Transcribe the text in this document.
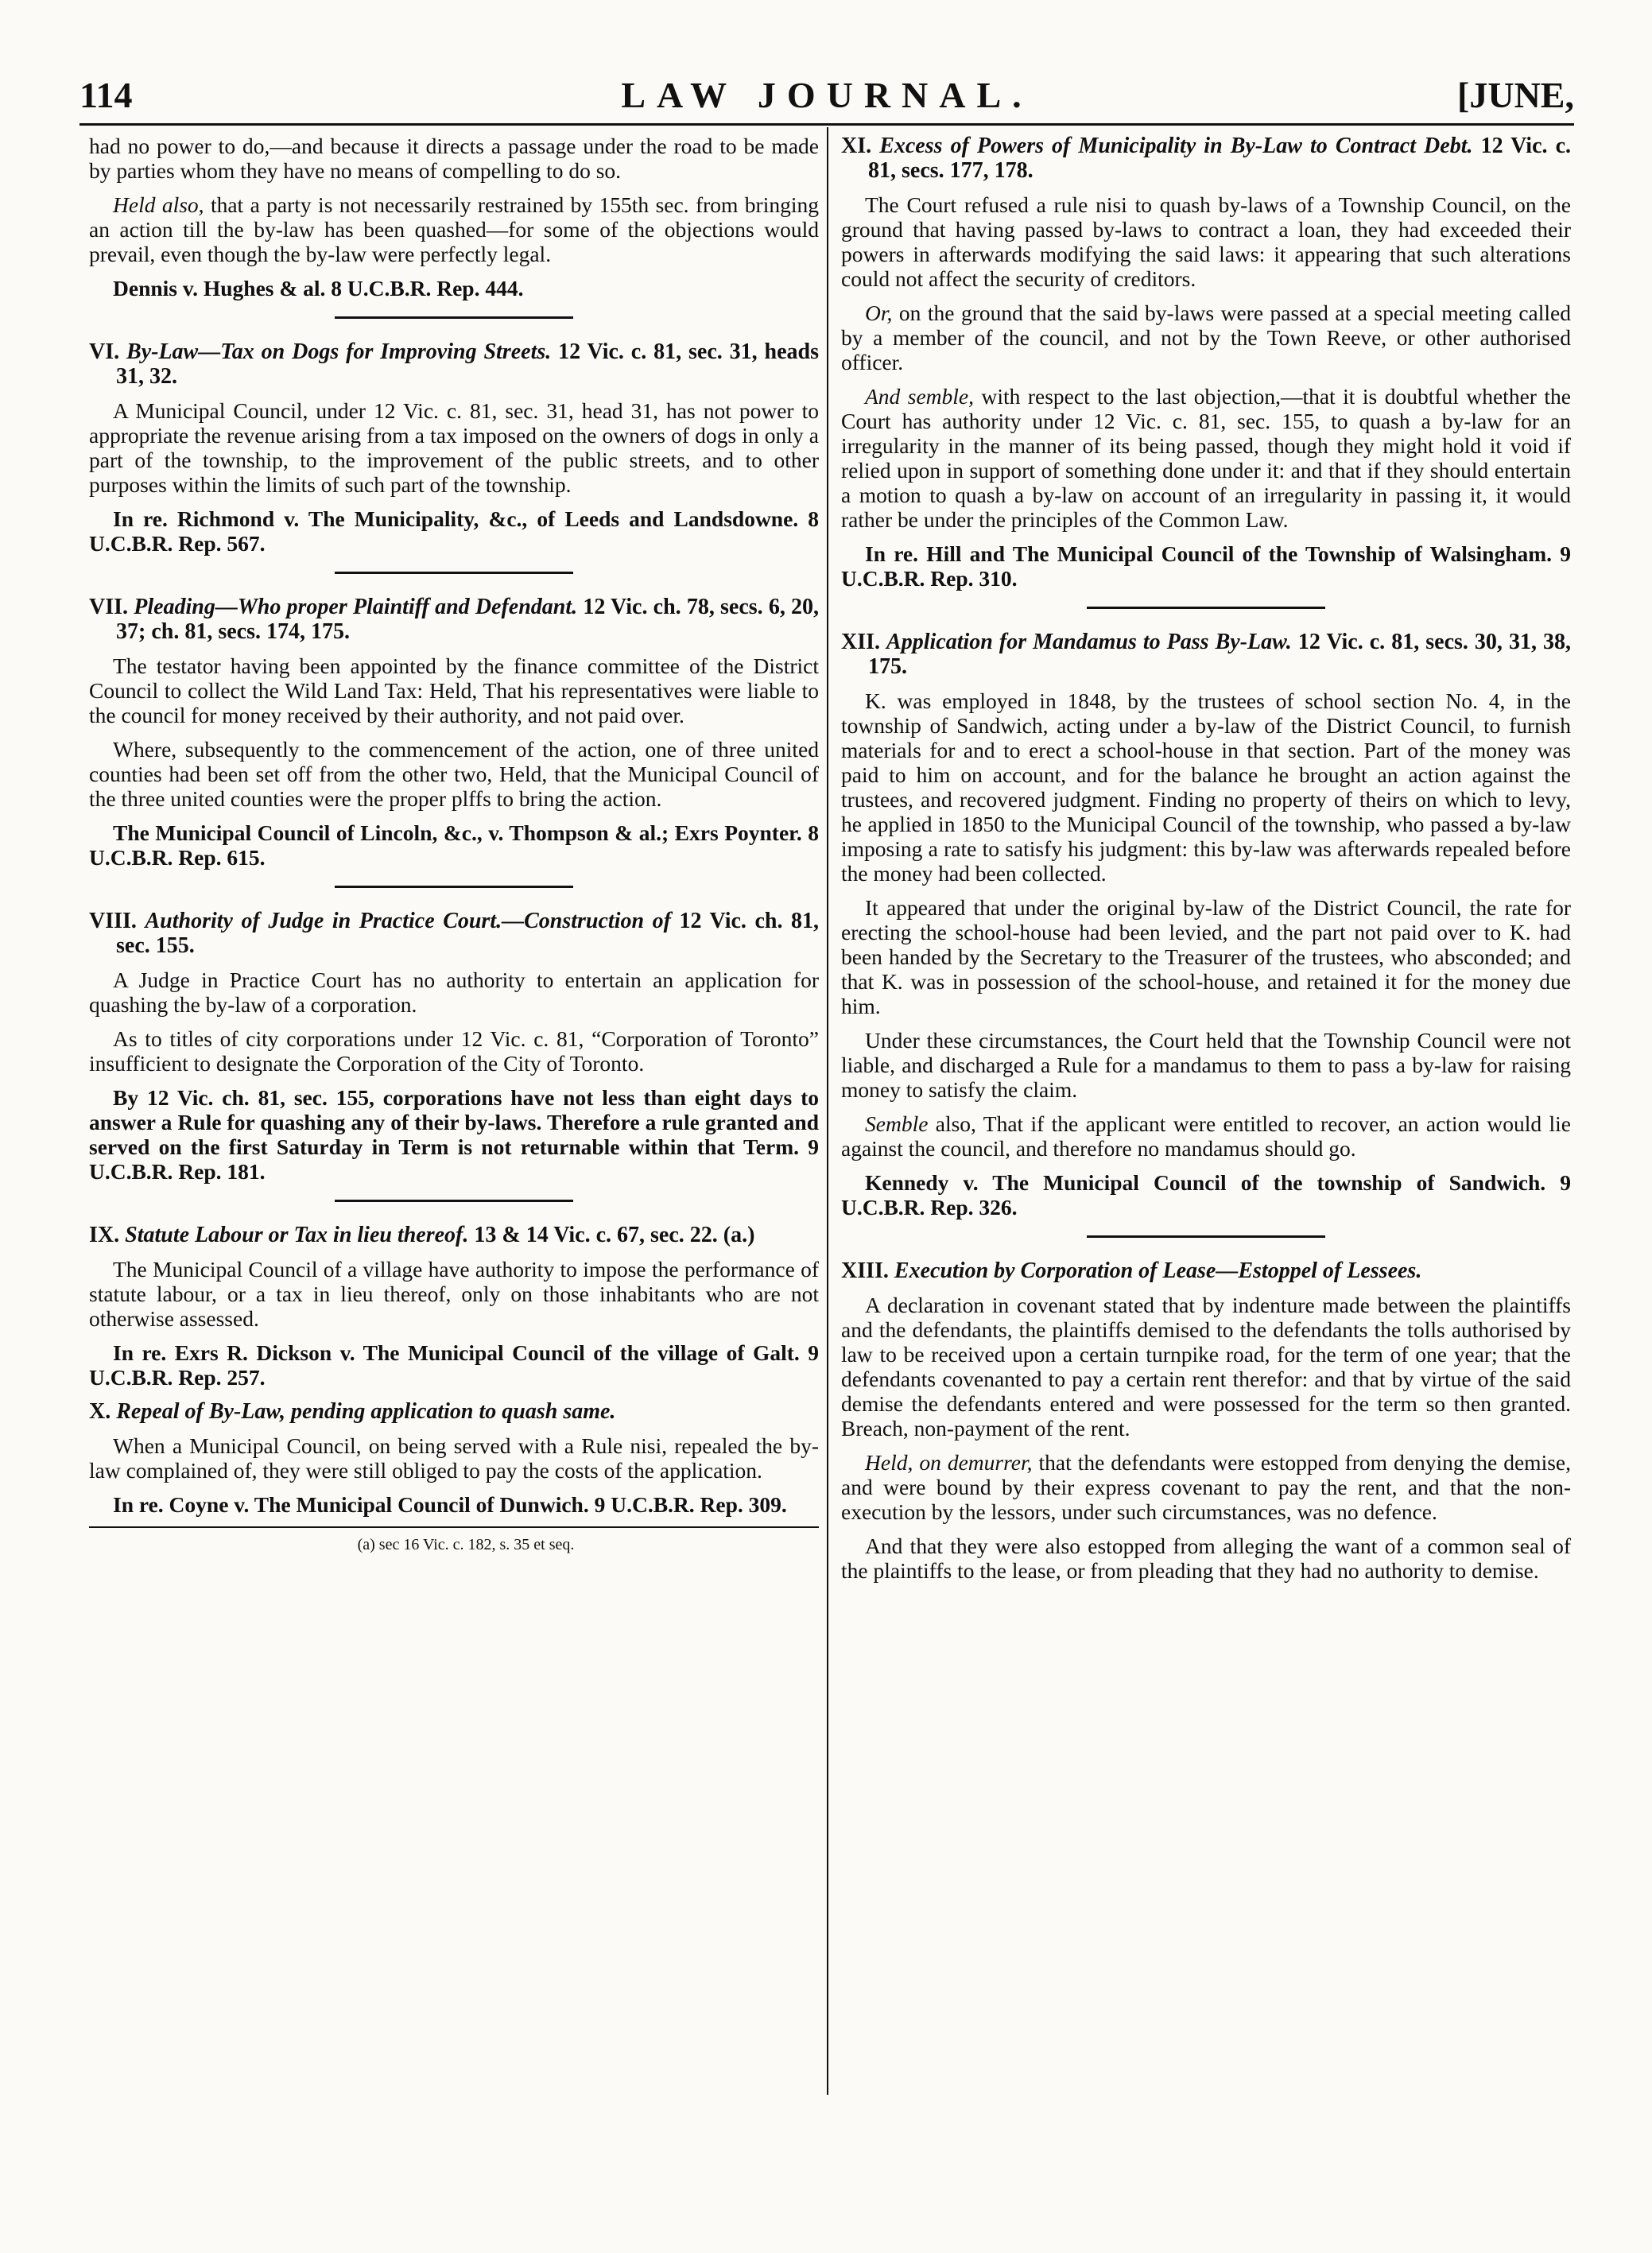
114	LAW JOURNAL.	[JUNE,

had no power to do,—and because it directs a passage under the road to be made by parties whom they have no means of compelling to do so.

Held also, that a party is not necessarily restrained by 155th sec. from bringing an action till the by-law has been quashed—for some of the objections would prevail, even though the by-law were perfectly legal.

Dennis v. Hughes & al. 8 U.C.B.R. Rep. 444.

VI. By-Law—Tax on Dogs for Improving Streets. 12 Vic. c. 81, sec. 31, heads 31, 32.

A Municipal Council, under 12 Vic. c. 81, sec. 31, head 31, has not power to appropriate the revenue arising from a tax imposed on the owners of dogs in only a part of the township, to the improvement of the public streets, and to other purposes within the limits of such part of the township.

In re. Richmond v. The Municipality, &c., of Leeds and Landsdowne. 8 U.C.B.R. Rep. 567.

VII. Pleading—Who proper Plaintiff and Defendant. 12 Vic. ch. 78, secs. 6, 20, 37; ch. 81, secs. 174, 175.

The testator having been appointed by the finance committee of the District Council to collect the Wild Land Tax: Held, That his representatives were liable to the council for money received by their authority, and not paid over.

Where, subsequently to the commencement of the action, one of three united counties had been set off from the other two, Held, that the Municipal Council of the three united counties were the proper plffs to bring the action.

The Municipal Council of Lincoln, &c., v. Thompson & al.; Exrs Poynter. 8 U.C.B.R. Rep. 615.

VIII. Authority of Judge in Practice Court.—Construction of 12 Vic. ch. 81, sec. 155.

A Judge in Practice Court has no authority to entertain an application for quashing the by-law of a corporation.

As to titles of city corporations under 12 Vic. c. 81, “Corporation of Toronto” insufficient to designate the Corporation of the City of Toronto.

By 12 Vic. ch. 81, sec. 155, corporations have not less than eight days to answer a Rule for quashing any of their by-laws. Therefore a rule granted and served on the first Saturday in Term is not returnable within that Term. 9 U.C.B.R. Rep. 181.

IX. Statute Labour or Tax in lieu thereof. 13 & 14 Vic. c. 67, sec. 22. (a.)

The Municipal Council of a village have authority to impose the performance of statute labour, or a tax in lieu thereof, only on those inhabitants who are not otherwise assessed.

In re. Exrs R. Dickson v. The Municipal Council of the village of Galt. 9 U.C.B.R. Rep. 257.

X. Repeal of By-Law, pending application to quash same.

When a Municipal Council, on being served with a Rule nisi, repealed the by-law complained of, they were still obliged to pay the costs of the application.

In re. Coyne v. The Municipal Council of Dunwich. 9 U.C.B.R. Rep. 309.

(a) sec 16 Vic. c. 182, s. 35 et seq.

XI. Excess of Powers of Municipality in By-Law to Contract Debt. 12 Vic. c. 81, secs. 177, 178.

The Court refused a rule nisi to quash by-laws of a Township Council, on the ground that having passed by-laws to contract a loan, they had exceeded their powers in afterwards modifying the said laws: it appearing that such alterations could not affect the security of creditors.

Or, on the ground that the said by-laws were passed at a special meeting called by a member of the council, and not by the Town Reeve, or other authorised officer.

And semble, with respect to the last objection,—that it is doubtful whether the Court has authority under 12 Vic. c. 81, sec. 155, to quash a by-law for an irregularity in the manner of its being passed, though they might hold it void if relied upon in support of something done under it: and that if they should entertain a motion to quash a by-law on account of an irregularity in passing it, it would rather be under the principles of the Common Law.

In re. Hill and The Municipal Council of the Township of Walsingham. 9 U.C.B.R. Rep. 310.

XII. Application for Mandamus to Pass By-Law. 12 Vic. c. 81, secs. 30, 31, 38, 175.

K. was employed in 1848, by the trustees of school section No. 4, in the township of Sandwich, acting under a by-law of the District Council, to furnish materials for and to erect a school-house in that section. Part of the money was paid to him on account, and for the balance he brought an action against the trustees, and recovered judgment. Finding no property of theirs on which to levy, he applied in 1850 to the Municipal Council of the township, who passed a by-law imposing a rate to satisfy his judgment: this by-law was afterwards repealed before the money had been collected.

It appeared that under the original by-law of the District Council, the rate for erecting the school-house had been levied, and the part not paid over to K. had been handed by the Secretary to the Treasurer of the trustees, who absconded; and that K. was in possession of the school-house, and retained it for the money due him.

Under these circumstances, the Court held that the Township Council were not liable, and discharged a Rule for a mandamus to them to pass a by-law for raising money to satisfy the claim.

Semble also, That if the applicant were entitled to recover, an action would lie against the council, and therefore no mandamus should go.

Kennedy v. The Municipal Council of the township of Sandwich. 9 U.C.B.R. Rep. 326.

XIII. Execution by Corporation of Lease—Estoppel of Lessees.

A declaration in covenant stated that by indenture made between the plaintiffs and the defendants, the plaintiffs demised to the defendants the tolls authorised by law to be received upon a certain turnpike road, for the term of one year; that the defendants covenanted to pay a certain rent therefor: and that by virtue of the said demise the defendants entered and were possessed for the term so then granted. Breach, non-payment of the rent.

Held, on demurrer, that the defendants were estopped from denying the demise, and were bound by their express covenant to pay the rent, and that the non-execution by the lessors, under such circumstances, was no defence.

And that they were also estopped from alleging the want of a common seal of the plaintiffs to the lease, or from pleading that they had no authority to demise.
